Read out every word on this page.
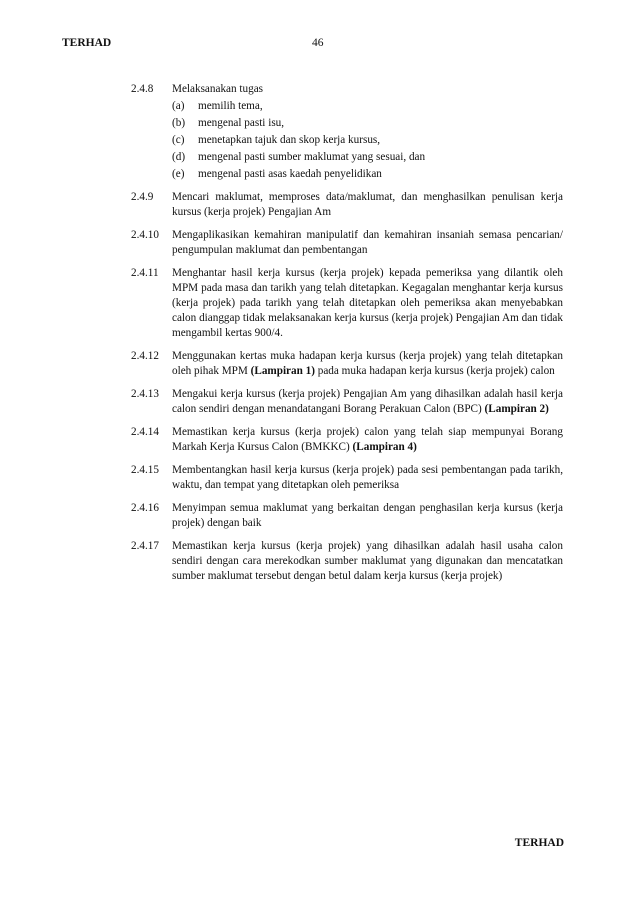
TERHAD	46
2.4.8	Melaksanakan tugas
(a)	memilih tema,
(b)	mengenal pasti isu,
(c)	menetapkan tajuk dan skop kerja kursus,
(d)	mengenal pasti sumber maklumat yang sesuai, dan
(e)	mengenal pasti asas kaedah penyelidikan
2.4.9	Mencari maklumat, memproses data/maklumat, dan menghasilkan penulisan kerja kursus (kerja projek) Pengajian Am
2.4.10	Mengaplikasikan kemahiran manipulatif dan kemahiran insaniah semasa pencarian/ pengumpulan maklumat dan pembentangan
2.4.11	Menghantar hasil kerja kursus (kerja projek) kepada pemeriksa yang dilantik oleh MPM pada masa dan tarikh yang telah ditetapkan. Kegagalan menghantar kerja kursus (kerja projek) pada tarikh yang telah ditetapkan oleh pemeriksa akan menyebabkan calon dianggap tidak melaksanakan kerja kursus (kerja projek) Pengajian Am dan tidak mengambil kertas 900/4.
2.4.12	Menggunakan kertas muka hadapan kerja kursus (kerja projek) yang telah ditetapkan oleh pihak MPM (Lampiran 1) pada muka hadapan kerja kursus (kerja projek) calon
2.4.13	Mengakui kerja kursus (kerja projek) Pengajian Am yang dihasilkan adalah hasil kerja calon sendiri dengan menandatangani Borang Perakuan Calon (BPC) (Lampiran 2)
2.4.14	Memastikan kerja kursus (kerja projek) calon yang telah siap mempunyai Borang Markah Kerja Kursus Calon (BMKKC) (Lampiran 4)
2.4.15	Membentangkan hasil kerja kursus (kerja projek) pada sesi pembentangan pada tarikh, waktu, dan tempat yang ditetapkan oleh pemeriksa
2.4.16	Menyimpan semua maklumat yang berkaitan dengan penghasilan kerja kursus (kerja projek) dengan baik
2.4.17	Memastikan kerja kursus (kerja projek) yang dihasilkan adalah hasil usaha calon sendiri dengan cara merekodkan sumber maklumat yang digunakan dan mencatatkan sumber maklumat tersebut dengan betul dalam kerja kursus (kerja projek)
TERHAD
